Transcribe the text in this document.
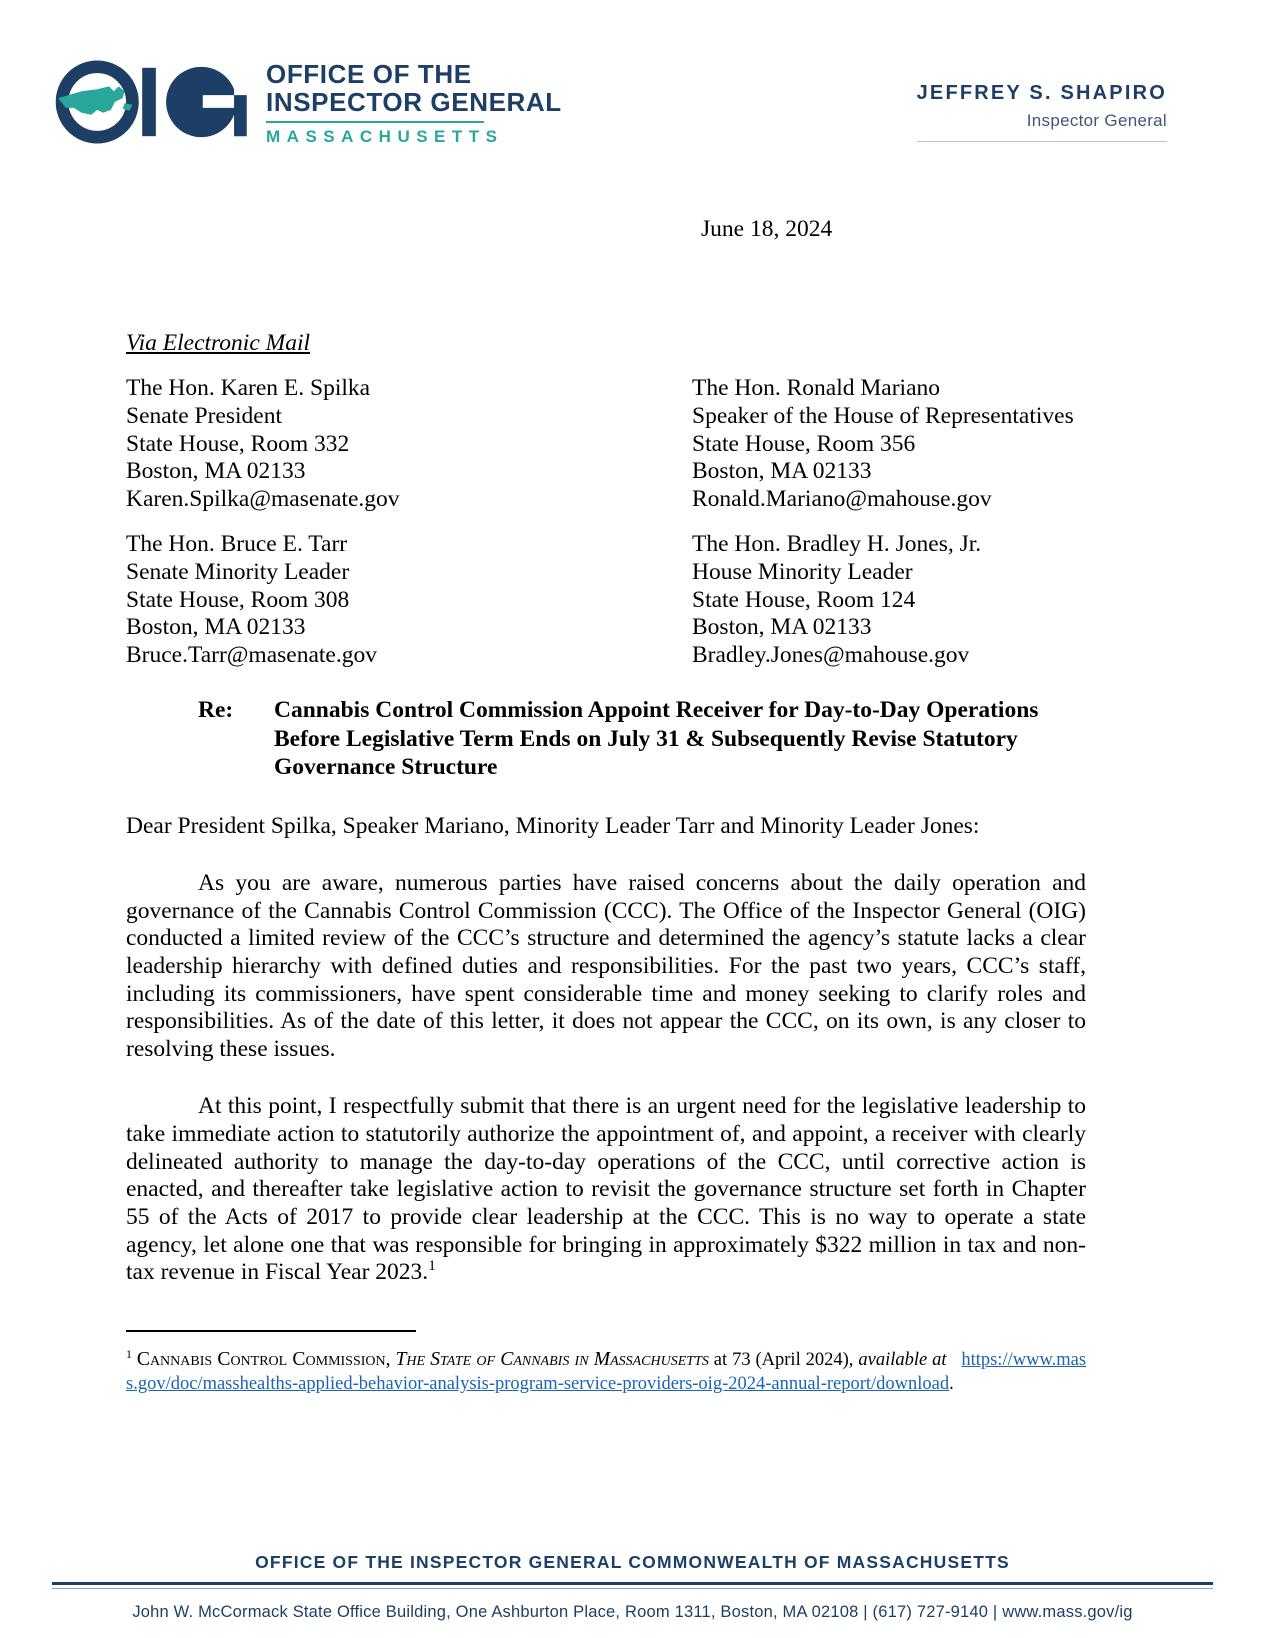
OFFICE OF THE
INSPECTOR GENERAL
MASSACHUSETTS
JEFFREY S. SHAPIRO
Inspector General
June 18, 2024
Via Electronic Mail
The Hon. Karen E. Spilka
Senate President
State House, Room 332
Boston, MA 02133
Karen.Spilka@masenate.gov
The Hon. Ronald Mariano
Speaker of the House of Representatives
State House, Room 356
Boston, MA 02133
Ronald.Mariano@mahouse.gov
The Hon. Bruce E. Tarr
Senate Minority Leader
State House, Room 308
Boston, MA 02133
Bruce.Tarr@masenate.gov
The Hon. Bradley H. Jones, Jr.
House Minority Leader
State House, Room 124
Boston, MA 02133
Bradley.Jones@mahouse.gov
Re:	Cannabis Control Commission Appoint Receiver for Day-to-Day Operations
Before Legislative Term Ends on July 31 & Subsequently Revise Statutory
Governance Structure
Dear President Spilka, Speaker Mariano, Minority Leader Tarr and Minority Leader Jones:

As you are aware, numerous parties have raised concerns about the daily operation and governance of the Cannabis Control Commission (CCC). The Office of the Inspector General (OIG) conducted a limited review of the CCC’s structure and determined the agency’s statute lacks a clear leadership hierarchy with defined duties and responsibilities. For the past two years, CCC’s staff, including its commissioners, have spent considerable time and money seeking to clarify roles and responsibilities. As of the date of this letter, it does not appear the CCC, on its own, is any closer to resolving these issues.

At this point, I respectfully submit that there is an urgent need for the legislative leadership to take immediate action to statutorily authorize the appointment of, and appoint, a receiver with clearly delineated authority to manage the day-to-day operations of the CCC, until corrective action is enacted, and thereafter take legislative action to revisit the governance structure set forth in Chapter 55 of the Acts of 2017 to provide clear leadership at the CCC. This is no way to operate a state agency, let alone one that was responsible for bringing in approximately $322 million in tax and non-tax revenue in Fiscal Year 2023.$^1$

$^1$ Cannabis Control Commission, The State of Cannabis in Massachusetts at 73 (April 2024), available at https://www.mass.gov/doc/masshealths-applied-behavior-analysis-program-service-providers-oig-2024-annual-report/download.
OFFICE OF THE INSPECTOR GENERAL COMMONWEALTH OF MASSACHUSETTS
John W. McCormack State Office Building, One Ashburton Place, Room 1311, Boston, MA 02108 | (617) 727-9140 | www.mass.gov/ig
